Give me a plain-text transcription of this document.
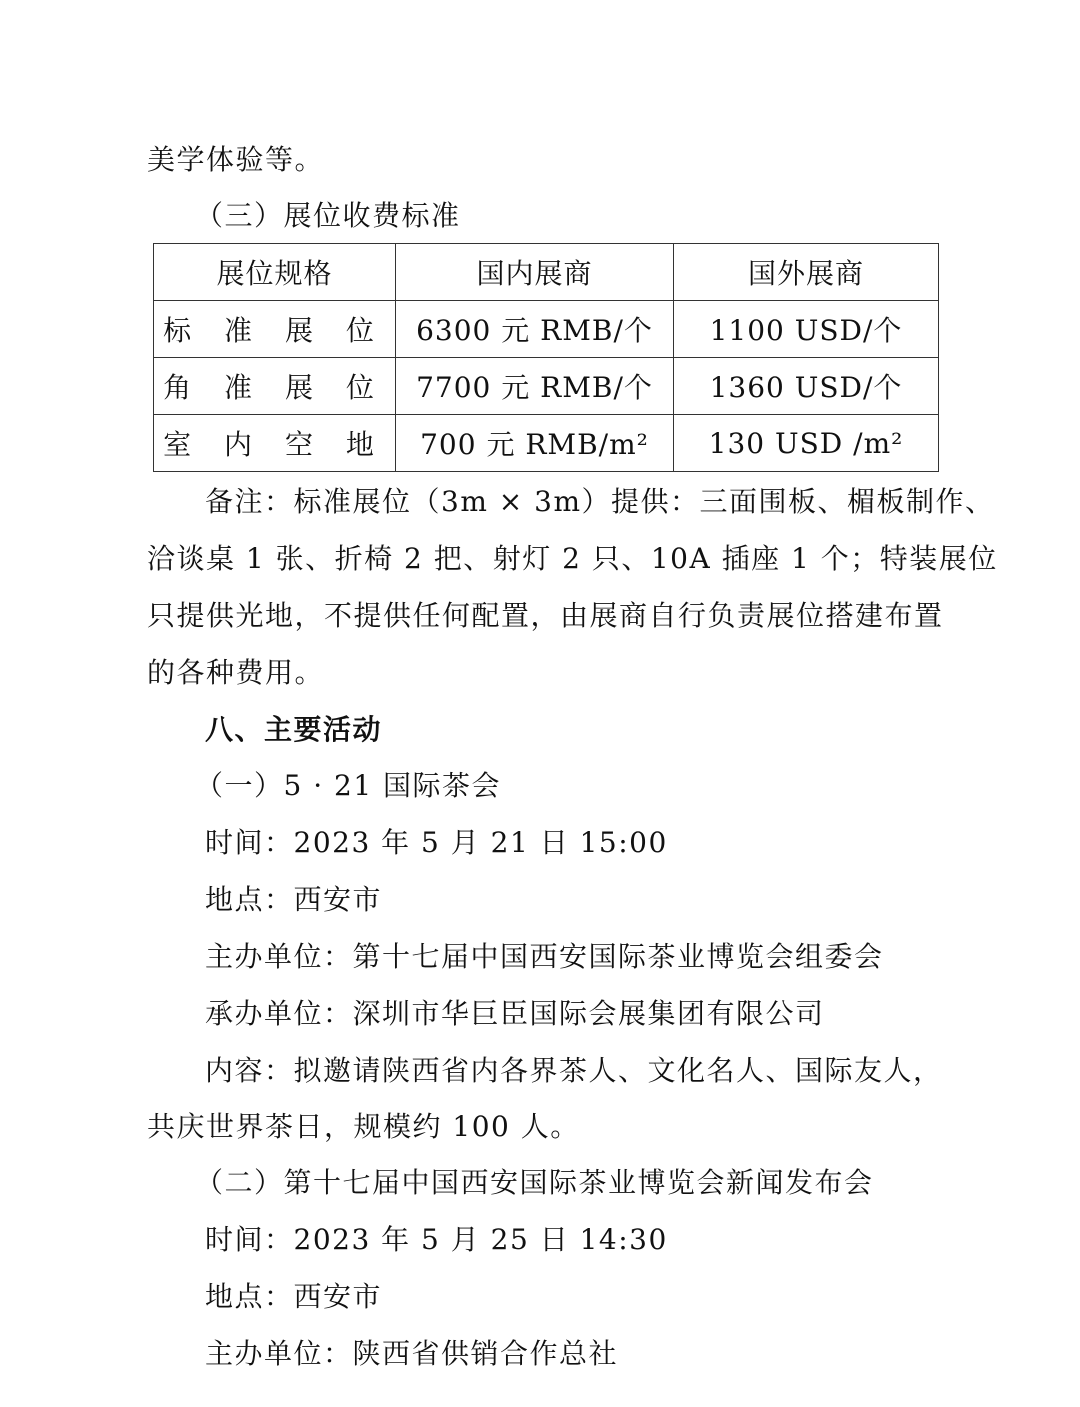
美学体验等。
（三）展位收费标准
展位规格	国内展商	国外展商
标 准 展 位	6300 元 RMB/个	1100 USD/个
角 准 展 位	7700 元 RMB/个	1360 USD/个
室 内 空 地	700 元 RMB/m²	130 USD /m²
备注：标准展位（3m × 3m）提供：三面围板、楣板制作、
洽谈桌 1 张、折椅 2 把、射灯 2 只、10A 插座 1 个；特装展位
只提供光地，不提供任何配置，由展商自行负责展位搭建布置
的各种费用。
八、主要活动
（一）5 · 21 国际茶会
时间：2023 年 5 月 21 日 15:00
地点：西安市
主办单位：第十七届中国西安国际茶业博览会组委会
承办单位：深圳市华巨臣国际会展集团有限公司
内容：拟邀请陕西省内各界茶人、文化名人、国际友人，
共庆世界茶日，规模约 100 人。
（二）第十七届中国西安国际茶业博览会新闻发布会
时间：2023 年 5 月 25 日 14:30
地点：西安市
主办单位：陕西省供销合作总社
